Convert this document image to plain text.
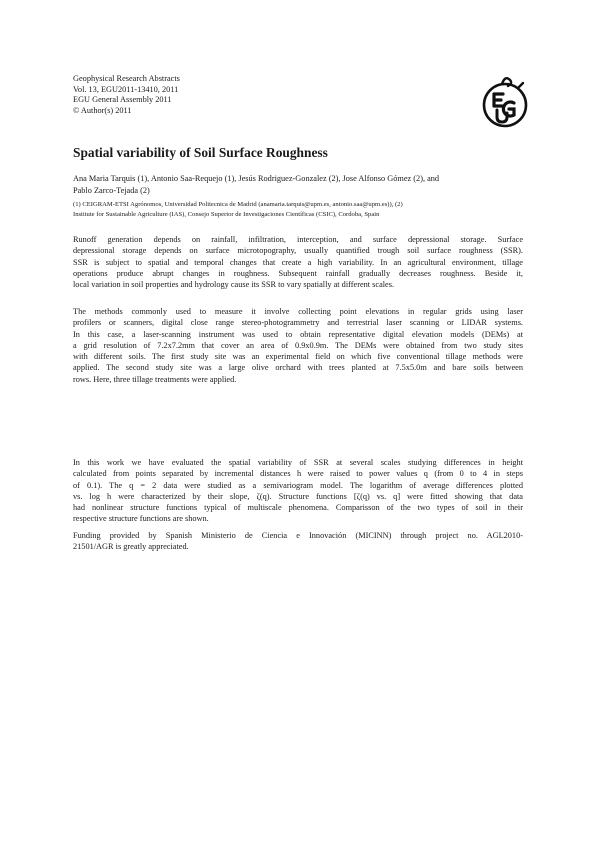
Geophysical Research Abstracts
Vol. 13, EGU2011-13410, 2011
EGU General Assembly 2011
© Author(s) 2011
EGU
Spatial variability of Soil Surface Roughness
Ana Maria Tarquis (1), Antonio Saa-Requejo (1), Jesús Rodriguez-Gonzalez (2), Jose Alfonso Gómez (2), and
Pablo Zarco-Tejada (2)
(1) CEIGRAM-ETSI Agrónomos, Universidad Politecnica de Madrid (anamaria.tarquis@upm.es, antonio.saa@upm.es)), (2)
Institute for Sustainable Agriculture (IAS), Consejo Superior de Investigaciones Científicas (CSIC), Cordoba, Spain
Runoff generation depends on rainfall, infiltration, interception, and surface depressional storage. Surface
depressional storage depends on surface microtopography, usually quantified trough soil surface roughness (SSR).
SSR is subject to spatial and temporal changes that create a high variability. In an agricultural environment, tillage
operations produce abrupt changes in roughness. Subsequent rainfall gradually decreases roughness. Beside it,
local variation in soil properties and hydrology cause its SSR to vary spatially at different scales.
The methods commonly used to measure it involve collecting point elevations in regular grids using laser
profilers or scanners, digital close range stereo-photogrammetry and terrestrial laser scanning or LIDAR systems.
In this case, a laser-scanning instrument was used to obtain representative digital elevation models (DEMs) at
a grid resolution of 7.2x7.2mm that cover an area of 0.9x0.9m. The DEMs were obtained from two study sites
with different soils. The first study site was an experimental field on which five conventional tillage methods were
applied. The second study site was a large olive orchard with trees planted at 7.5x5.0m and bare soils between
rows. Here, three tillage treatments were applied.
In this work we have evaluated the spatial variability of SSR at several scales studying differences in height
calculated from points separated by incremental distances h were raised to power values q (from 0 to 4 in steps
of 0.1). The q = 2 data were studied as a semivariogram model. The logarithm of average differences plotted
vs. log h were characterized by their slope, ζ(q). Structure functions [ζ(q) vs. q] were fitted showing that data
had nonlinear structure functions typical of multiscale phenomena. Comparisson of the two types of soil in their
respective structure functions are shown.
Funding provided by Spanish Ministerio de Ciencia e Innovación (MICINN) through project no. AGL2010-
21501/AGR is greatly appreciated.
